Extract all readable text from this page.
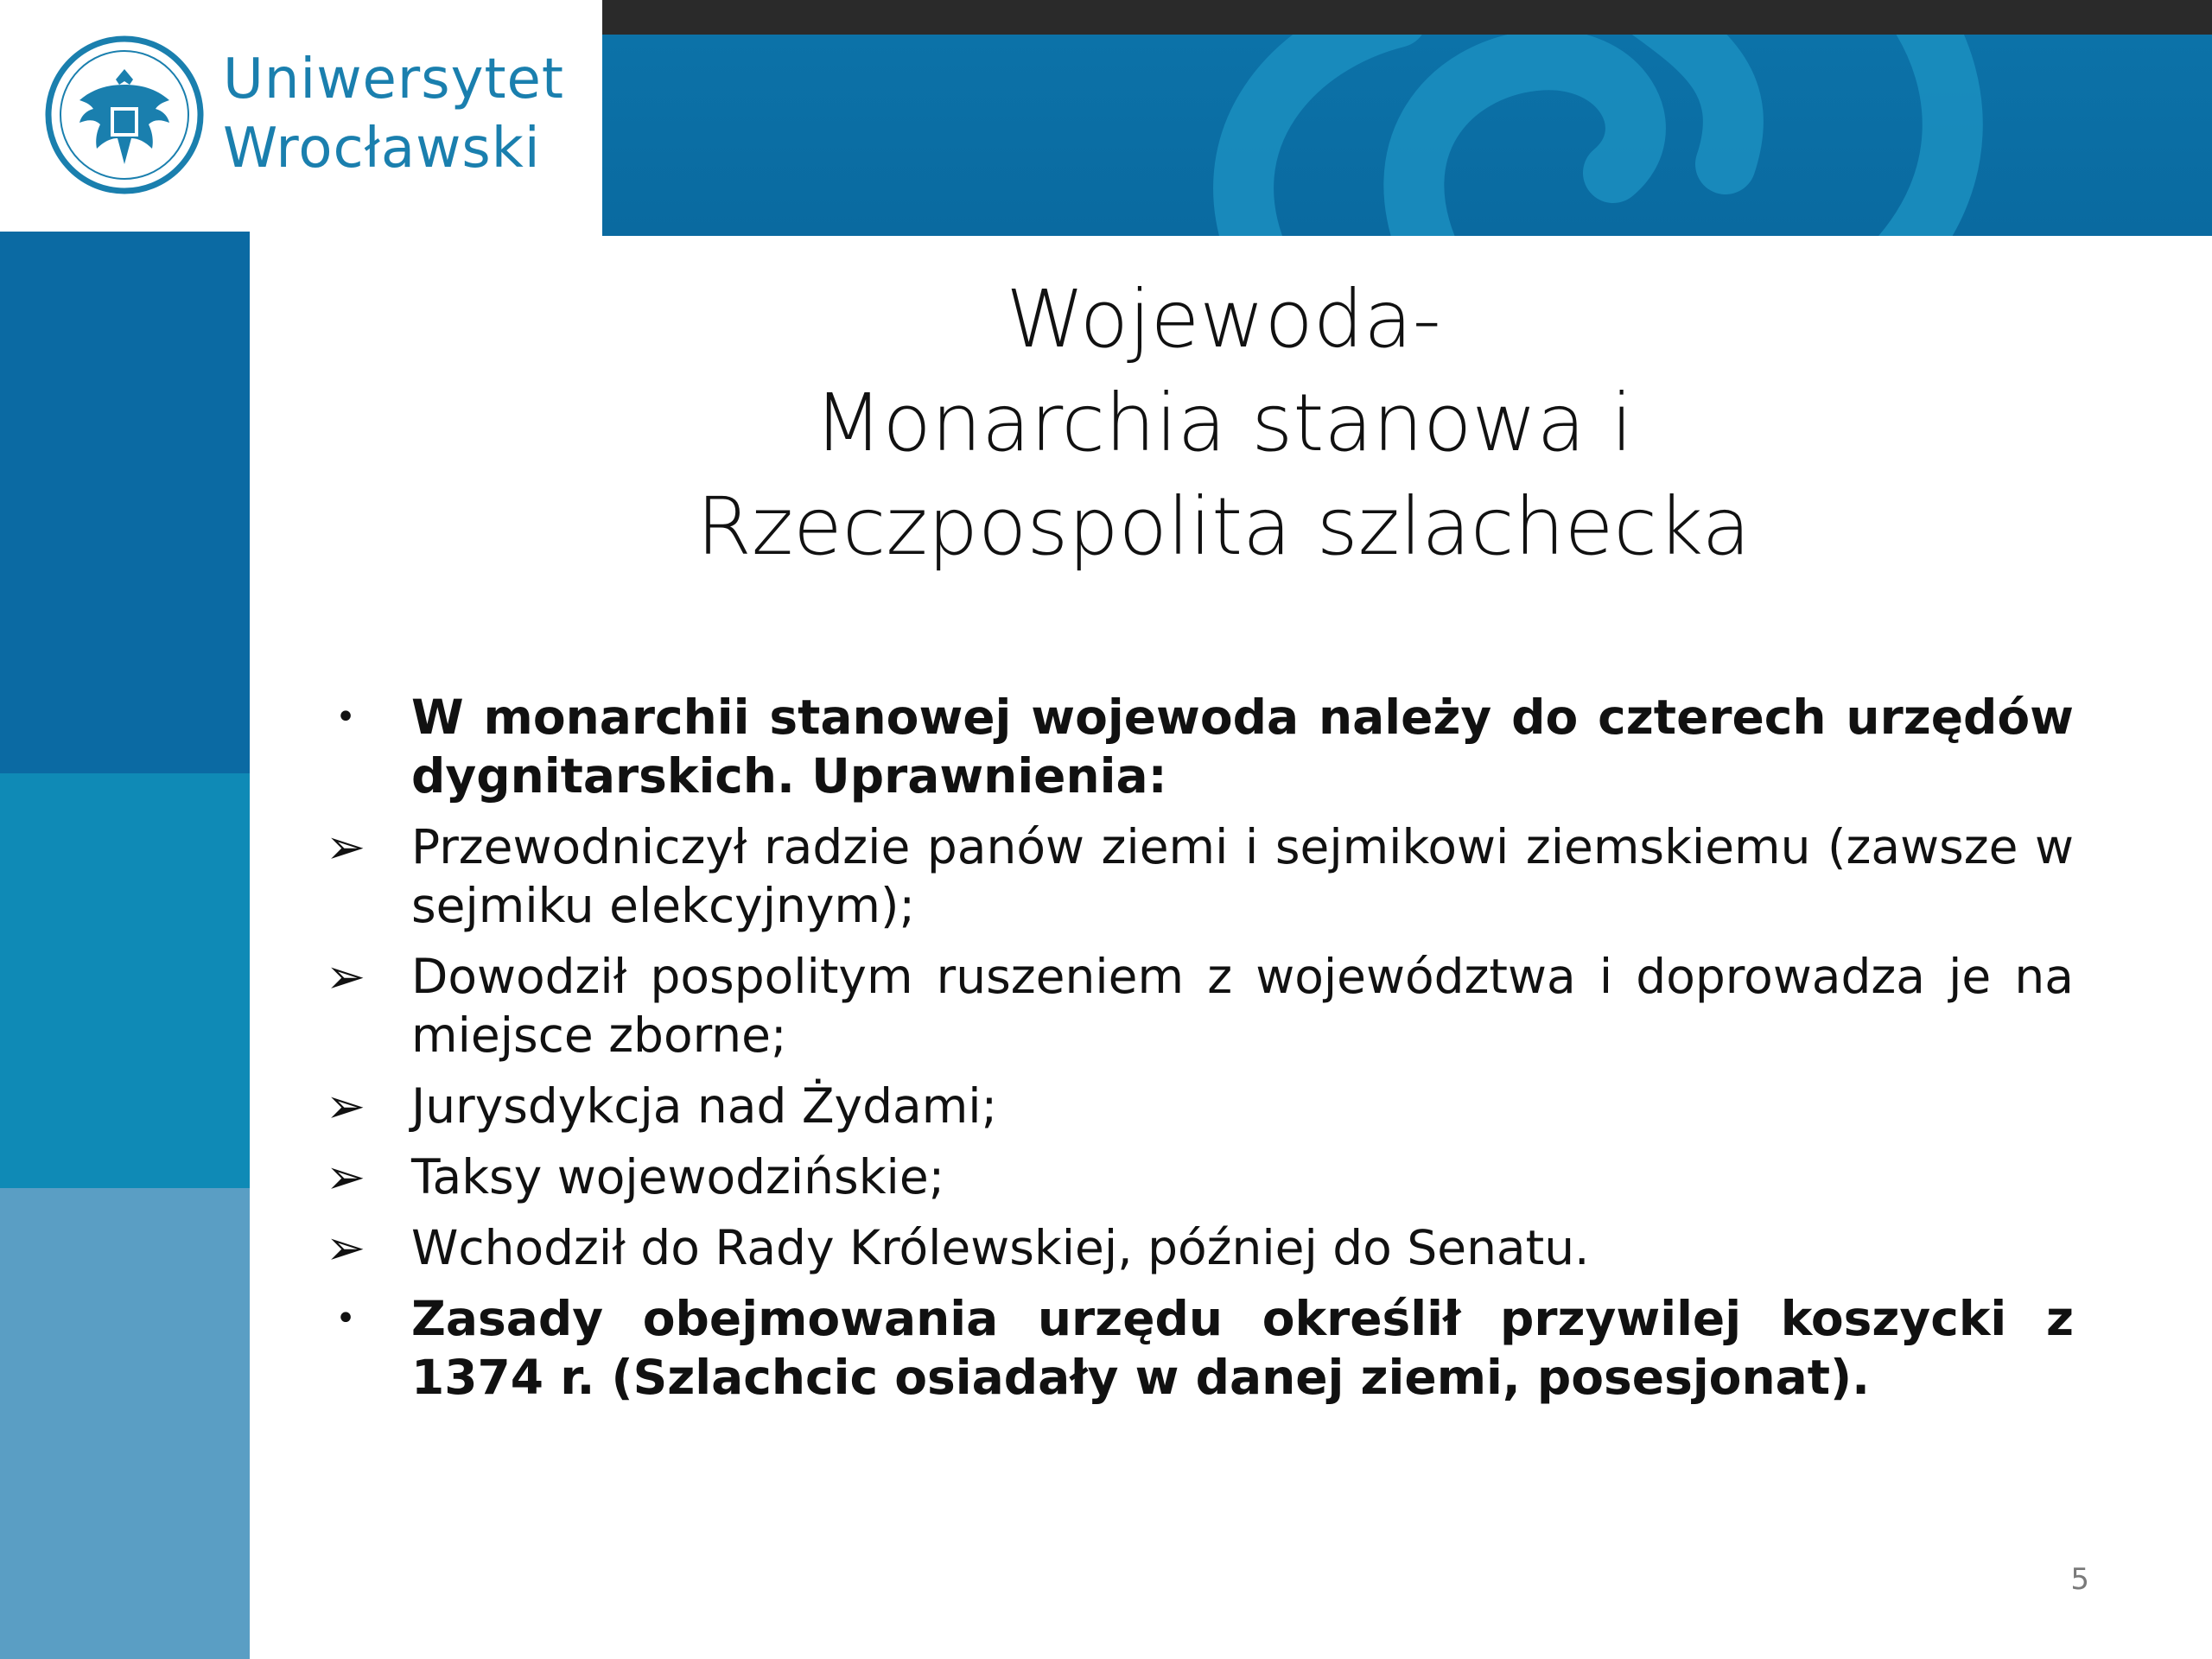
Uniwersytet
Wrocławski
Wojewoda-
Monarchia stanowa i
Rzeczpospolita szlachecka
•	W monarchii stanowej wojewoda należy do czterech urzędów dygnitarskich. Uprawnienia:
➢ Przewodniczył radzie panów ziemi i sejmikowi ziemskiemu (zawsze w sejmiku elekcyjnym);
➢ Dowodził pospolitym ruszeniem z województwa i doprowadza je na miejsce zborne;
➢ Jurysdykcja nad Żydami;
➢ Taksy wojewodzińskie;
➢ Wchodził do Rady Królewskiej, później do Senatu.
•	Zasady obejmowania urzędu określił przywilej koszycki z 1374 r. (Szlachcic osiadały w danej ziemi, posesjonat).
5
